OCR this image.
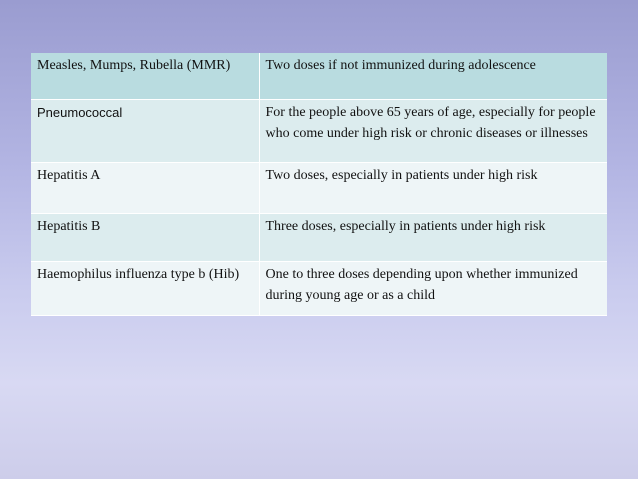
Measles, Mumps, Rubella (MMR)	Two doses if not immunized during adolescence
Pneumococcal	For the people above 65 years of age, especially for people who come under high risk or chronic diseases or illnesses
Hepatitis A	Two doses, especially in patients under high risk
Hepatitis B	Three doses, especially in patients under high risk
Haemophilus influenza type b (Hib)	One to three doses depending upon whether immunized during young age or as a child
